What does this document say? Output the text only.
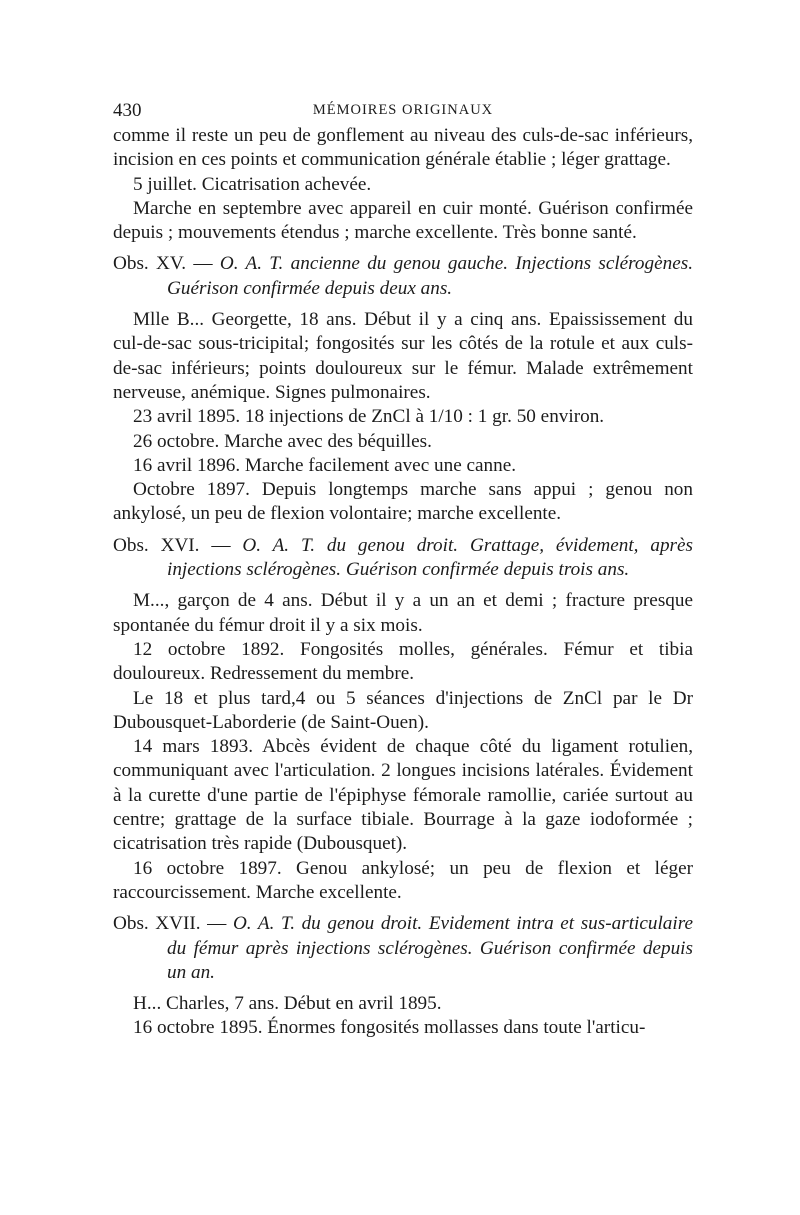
430	MÉMOIRES ORIGINAUX

comme il reste un peu de gonflement au niveau des culs-de-sac inférieurs, incision en ces points et communication générale établie ; léger grattage.

5 juillet. Cicatrisation achevée.

Marche en septembre avec appareil en cuir monté. Guérison confirmée depuis ; mouvements étendus ; marche excellente. Très bonne santé.

Obs. XV. — O. A. T. ancienne du genou gauche. Injections sclérogènes. Guérison confirmée depuis deux ans.

Mlle B... Georgette, 18 ans. Début il y a cinq ans. Epaississement du cul-de-sac sous-tricipital; fongosités sur les côtés de la rotule et aux culs-de-sac inférieurs; points douloureux sur le fémur. Malade extrêmement nerveuse, anémique. Signes pulmonaires.

23 avril 1895. 18 injections de ZnCl à 1/10 : 1 gr. 50 environ.

26 octobre. Marche avec des béquilles.

16 avril 1896. Marche facilement avec une canne.

Octobre 1897. Depuis longtemps marche sans appui ; genou non ankylosé, un peu de flexion volontaire; marche excellente.

Obs. XVI. — O. A. T. du genou droit. Grattage, évidement, après injections sclérogènes. Guérison confirmée depuis trois ans.

M..., garçon de 4 ans. Début il y a un an et demi ; fracture presque spontanée du fémur droit il y a six mois.

12 octobre 1892. Fongosités molles, générales. Fémur et tibia douloureux. Redressement du membre.

Le 18 et plus tard,4 ou 5 séances d'injections de ZnCl par le Dr Dubousquet-Laborderie (de Saint-Ouen).

14 mars 1893. Abcès évident de chaque côté du ligament rotulien, communiquant avec l'articulation. 2 longues incisions latérales. Évidement à la curette d'une partie de l'épiphyse fémorale ramollie, cariée surtout au centre; grattage de la surface tibiale. Bourrage à la gaze iodoformée ; cicatrisation très rapide (Dubousquet).

16 octobre 1897. Genou ankylosé; un peu de flexion et léger raccourcissement. Marche excellente.

Obs. XVII. — O. A. T. du genou droit. Evidement intra et sus-articulaire du fémur après injections sclérogènes. Guérison confirmée depuis un an.

H... Charles, 7 ans. Début en avril 1895.

16 octobre 1895. Énormes fongosités mollasses dans toute l'articu-
